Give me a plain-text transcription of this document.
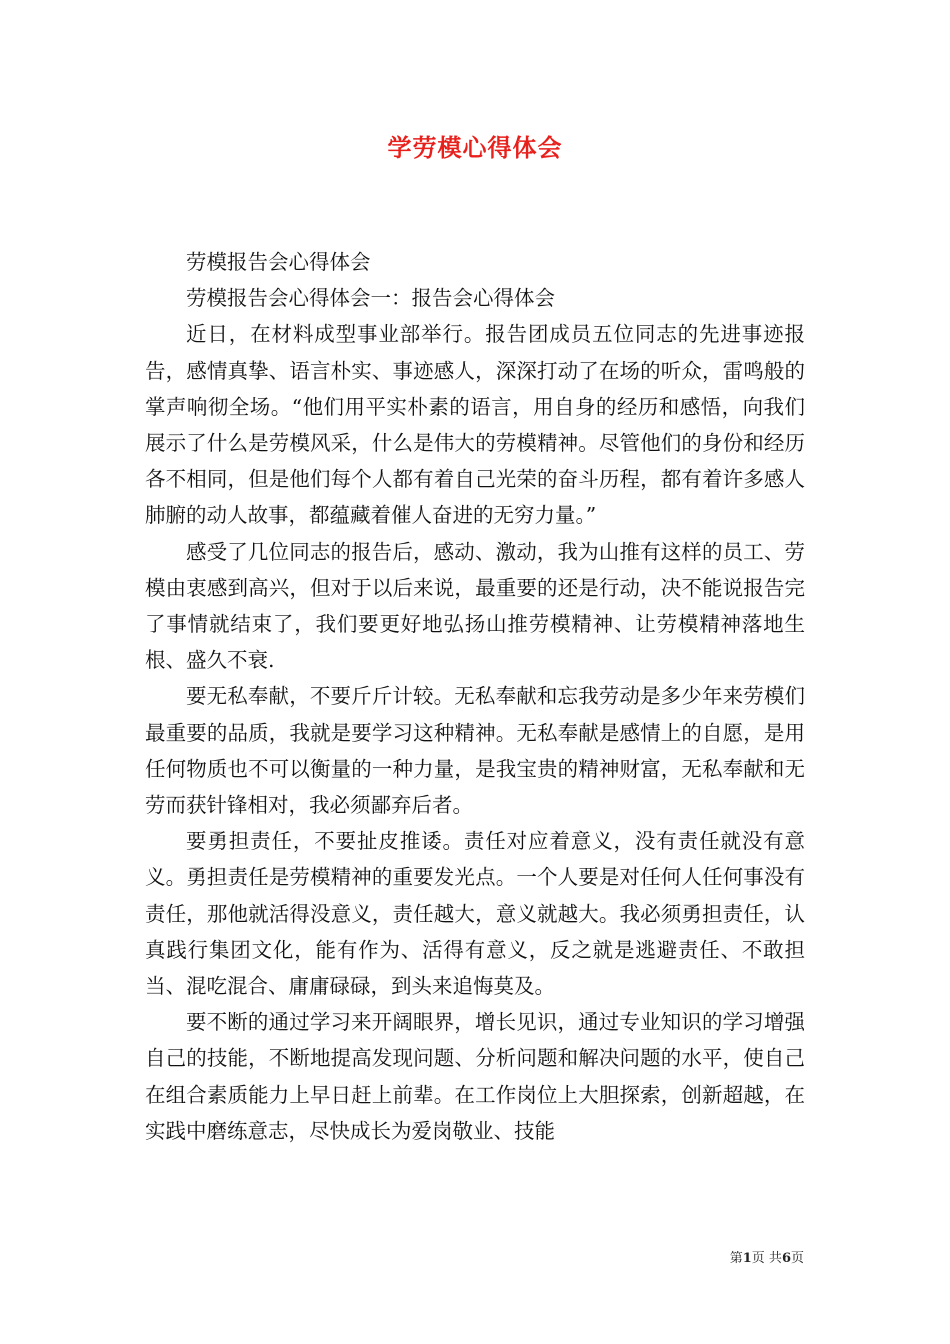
学劳模心得体会

劳模报告会心得体会

劳模报告会心得体会一：报告会心得体会

近日，在材料成型事业部举行。报告团成员五位同志的先进事迹报告，感情真挚、语言朴实、事迹感人，深深打动了在场的听众，雷鸣般的掌声响彻全场。“他们用平实朴素的语言，用自身的经历和感悟，向我们展示了什么是劳模风采，什么是伟大的劳模精神。尽管他们的身份和经历各不相同，但是他们每个人都有着自己光荣的奋斗历程，都有着许多感人肺腑的动人故事，都蕴藏着催人奋进的无穷力量。”

感受了几位同志的报告后，感动、激动，我为山推有这样的员工、劳模由衷感到高兴，但对于以后来说，最重要的还是行动，决不能说报告完了事情就结束了，我们要更好地弘扬山推劳模精神、让劳模精神落地生根、盛久不衰.

要无私奉献，不要斤斤计较。无私奉献和忘我劳动是多少年来劳模们最重要的品质，我就是要学习这种精神。无私奉献是感情上的自愿，是用任何物质也不可以衡量的一种力量，是我宝贵的精神财富，无私奉献和无劳而获针锋相对，我必须鄙弃后者。

要勇担责任，不要扯皮推诿。责任对应着意义，没有责任就没有意义。勇担责任是劳模精神的重要发光点。一个人要是对任何人任何事没有责任，那他就活得没意义，责任越大，意义就越大。我必须勇担责任，认真践行集团文化，能有作为、活得有意义，反之就是逃避责任、不敢担当、混吃混合、庸庸碌碌，到头来追悔莫及。

要不断的通过学习来开阔眼界，增长见识，通过专业知识的学习增强自己的技能，不断地提高发现问题、分析问题和解决问题的水平，使自己在组合素质能力上早日赶上前辈。在工作岗位上大胆探索，创新超越，在实践中磨练意志，尽快成长为爱岗敬业、技能

第1页 共6页
